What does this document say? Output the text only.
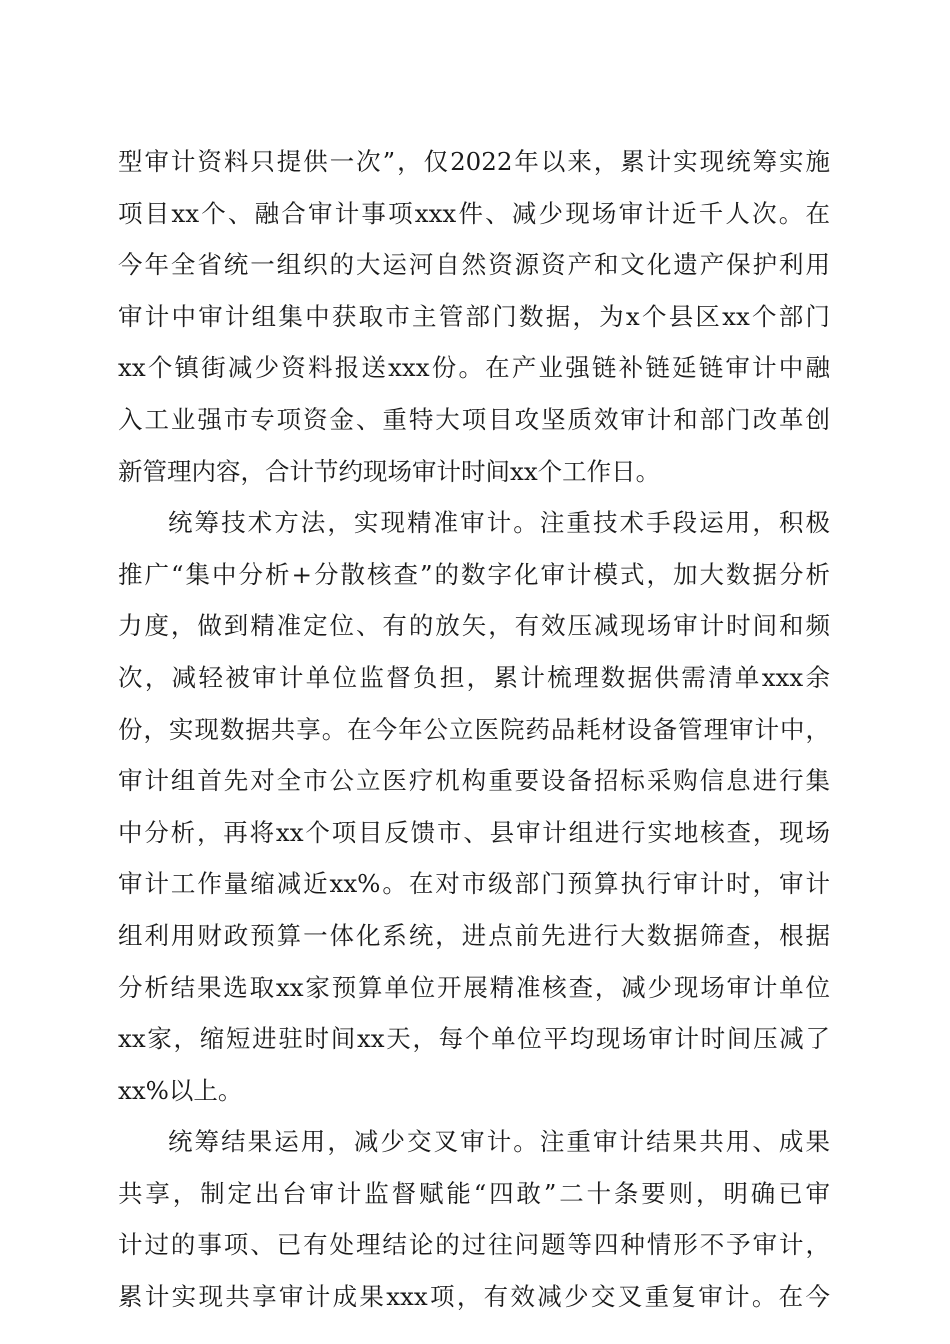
型审计资料只提供一次”，仅2022年以来，累计实现统筹实施
项目xx个、融合审计事项xxx件、减少现场审计近千人次。在
今年全省统一组织的大运河自然资源资产和文化遗产保护利用
审计中审计组集中获取市主管部门数据，为x个县区xx个部门
xx个镇街减少资料报送xxx份。在产业强链补链延链审计中融
入工业强市专项资金、重特大项目攻坚质效审计和部门改革创
新管理内容，合计节约现场审计时间xx个工作日。
统筹技术方法，实现精准审计。注重技术手段运用，积极
推广“集中分析+分散核查”的数字化审计模式，加大数据分析
力度，做到精准定位、有的放矢，有效压减现场审计时间和频
次，减轻被审计单位监督负担，累计梳理数据供需清单xxx余
份，实现数据共享。在今年公立医院药品耗材设备管理审计中，
审计组首先对全市公立医疗机构重要设备招标采购信息进行集
中分析，再将xx个项目反馈市、县审计组进行实地核查，现场
审计工作量缩减近xx%。在对市级部门预算执行审计时，审计
组利用财政预算一体化系统，进点前先进行大数据筛查，根据
分析结果选取xx家预算单位开展精准核查，减少现场审计单位
xx家，缩短进驻时间xx天，每个单位平均现场审计时间压减了
xx%以上。
统筹结果运用，减少交叉审计。注重审计结果共用、成果
共享，制定出台审计监督赋能“四敢”二十条要则，明确已审
计过的事项、已有处理结论的过往问题等四种情形不予审计，
累计实现共享审计成果xxx项，有效减少交叉重复审计。在今
